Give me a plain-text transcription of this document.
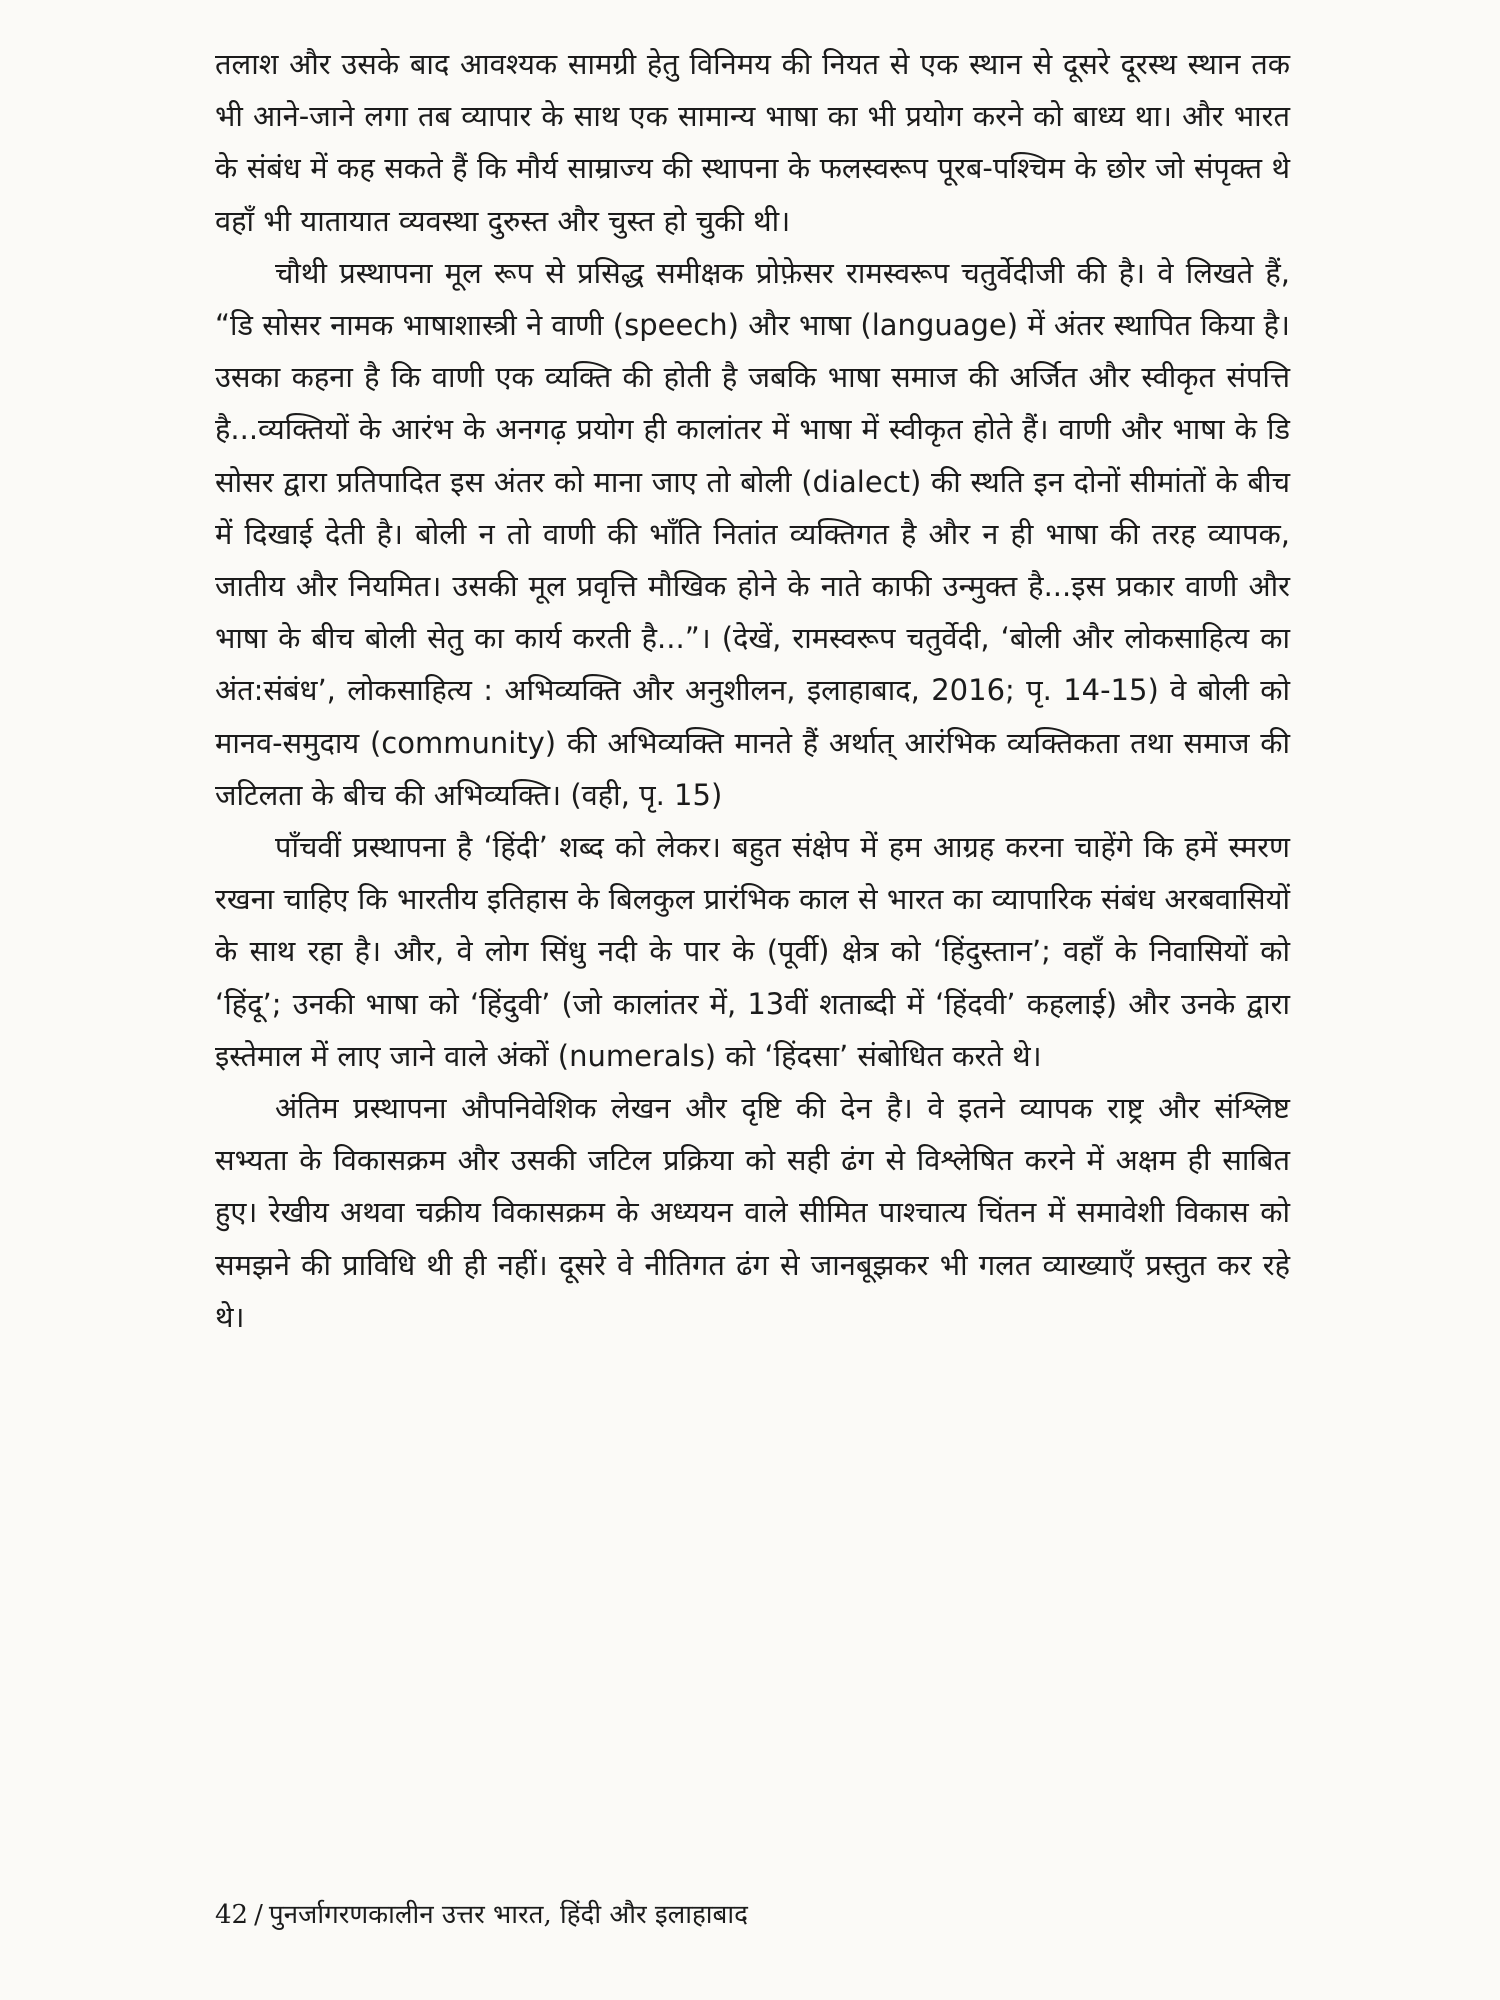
तलाश और उसके बाद आवश्यक सामग्री हेतु विनिमय की नियत से एक स्थान से दूसरे दूरस्थ स्थान तक भी आने-जाने लगा तब व्यापार के साथ एक सामान्य भाषा का भी प्रयोग करने को बाध्य था। और भारत के संबंध में कह सकते हैं कि मौर्य साम्राज्य की स्थापना के फलस्वरूप पूरब-पश्चिम के छोर जो संपृक्त थे वहाँ भी यातायात व्यवस्था दुरुस्त और चुस्त हो चुकी थी।

चौथी प्रस्थापना मूल रूप से प्रसिद्ध समीक्षक प्रोफ़ेसर रामस्वरूप चतुर्वेदीजी की है। वे लिखते हैं, “डि सोसर नामक भाषाशास्त्री ने वाणी (speech) और भाषा (language) में अंतर स्थापित किया है। उसका कहना है कि वाणी एक व्यक्ति की होती है जबकि भाषा समाज की अर्जित और स्वीकृत संपत्ति है...व्यक्तियों के आरंभ के अनगढ़ प्रयोग ही कालांतर में भाषा में स्वीकृत होते हैं। वाणी और भाषा के डि सोसर द्वारा प्रतिपादित इस अंतर को माना जाए तो बोली (dialect) की स्थति इन दोनों सीमांतों के बीच में दिखाई देती है। बोली न तो वाणी की भाँति नितांत व्यक्तिगत है और न ही भाषा की तरह व्यापक, जातीय और नियमित। उसकी मूल प्रवृत्ति मौखिक होने के नाते काफी उन्मुक्त है...इस प्रकार वाणी और भाषा के बीच बोली सेतु का कार्य करती है...”। (देखें, रामस्वरूप चतुर्वेदी, ‘बोली और लोकसाहित्य का अंत:संबंध’, लोकसाहित्य : अभिव्यक्ति और अनुशीलन, इलाहाबाद, 2016; पृ. 14-15) वे बोली को मानव-समुदाय (community) की अभिव्यक्ति मानते हैं अर्थात् आरंभिक व्यक्तिकता तथा समाज की जटिलता के बीच की अभिव्यक्ति। (वही, पृ. 15)

पाँचवीं प्रस्थापना है ‘हिंदी’ शब्द को लेकर। बहुत संक्षेप में हम आग्रह करना चाहेंगे कि हमें स्मरण रखना चाहिए कि भारतीय इतिहास के बिलकुल प्रारंभिक काल से भारत का व्यापारिक संबंध अरबवासियों के साथ रहा है। और, वे लोग सिंधु नदी के पार के (पूर्वी) क्षेत्र को ‘हिंदुस्तान’; वहाँ के निवासियों को ‘हिंदू’; उनकी भाषा को ‘हिंदुवी’ (जो कालांतर में, 13वीं शताब्दी में ‘हिंदवी’ कहलाई) और उनके द्वारा इस्तेमाल में लाए जाने वाले अंकों (numerals) को ‘हिंदसा’ संबोधित करते थे।

अंतिम प्रस्थापना औपनिवेशिक लेखन और दृष्टि की देन है। वे इतने व्यापक राष्ट्र और संश्लिष्ट सभ्यता के विकासक्रम और उसकी जटिल प्रक्रिया को सही ढंग से विश्लेषित करने में अक्षम ही साबित हुए। रेखीय अथवा चक्रीय विकासक्रम के अध्ययन वाले सीमित पाश्चात्य चिंतन में समावेशी विकास को समझने की प्राविधि थी ही नहीं। दूसरे वे नीतिगत ढंग से जानबूझकर भी गलत व्याख्याएँ प्रस्तुत कर रहे थे।

42 / पुनर्जागरणकालीन उत्तर भारत, हिंदी और इलाहाबाद
